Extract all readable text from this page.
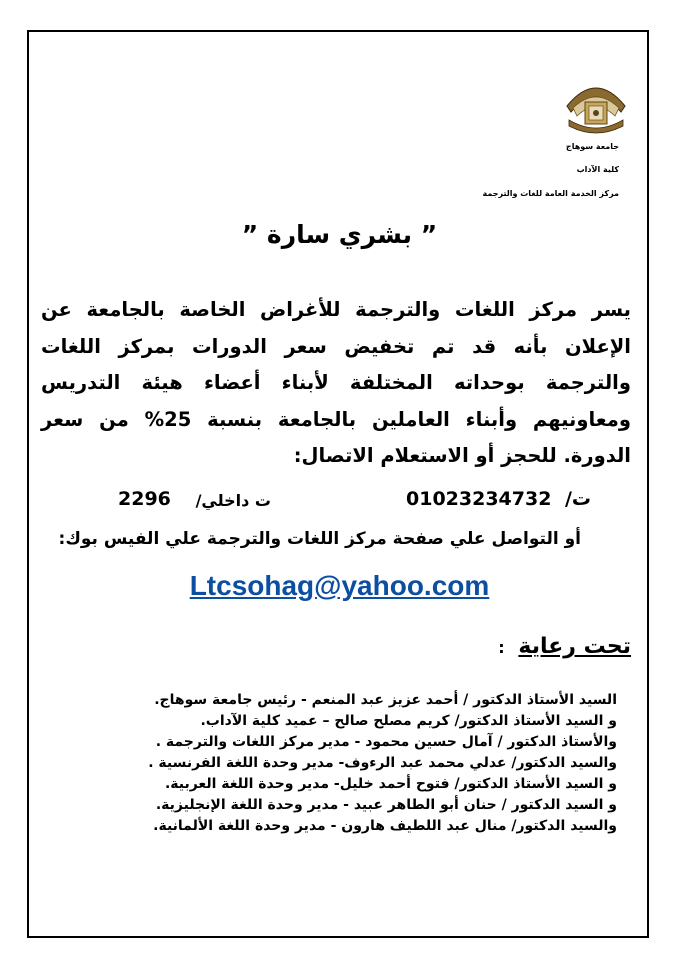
جامعة سوهاج
كلية الآداب
مركز الخدمة العامة للغات والترجمة
” بشري سارة ”
يسر مركز اللغات والترجمة للأغراض الخاصة بالجامعة عن الإعلان بأنه قد تم تخفيض سعر الدورات بمركز اللغات والترجمة بوحداته المختلفة لأبناء أعضاء هيئة التدريس ومعاونيهم وأبناء العاملين بالجامعة بنسبة 25% من سعر الدورة. للحجز أو الاستعلام الاتصال:
ت/
01023234732
ت داخلي/
2296
أو التواصل علي صفحة مركز اللغات والترجمة علي الفيس بوك:
Ltcsohag@yahoo.com
تحت رعاية :
السيد الأستاذ الدكتور / أحمد عزيز عبد المنعم - رئيس جامعة سوهاج.
و السيد الأستاذ الدكتور/ كريم مصلح صالح – عميد كلية الآداب.
والأستاذ الدكتور / آمال حسين محمود - مدير مركز اللغات والترجمة .
والسيد الدكتور/ عدلي محمد عبد الرءوف- مدير وحدة اللغة الفرنسية .
و السيد الأستاذ الدكتور/ فتوح أحمد خليل- مدير وحدة اللغة العربية.
و السيد الدكتور / حنان أبو الطاهر عبيد - مدير وحدة اللغة الإنجليزية.
والسيد الدكتور/ منال عبد اللطيف هارون - مدير وحدة اللغة الألمانية.
